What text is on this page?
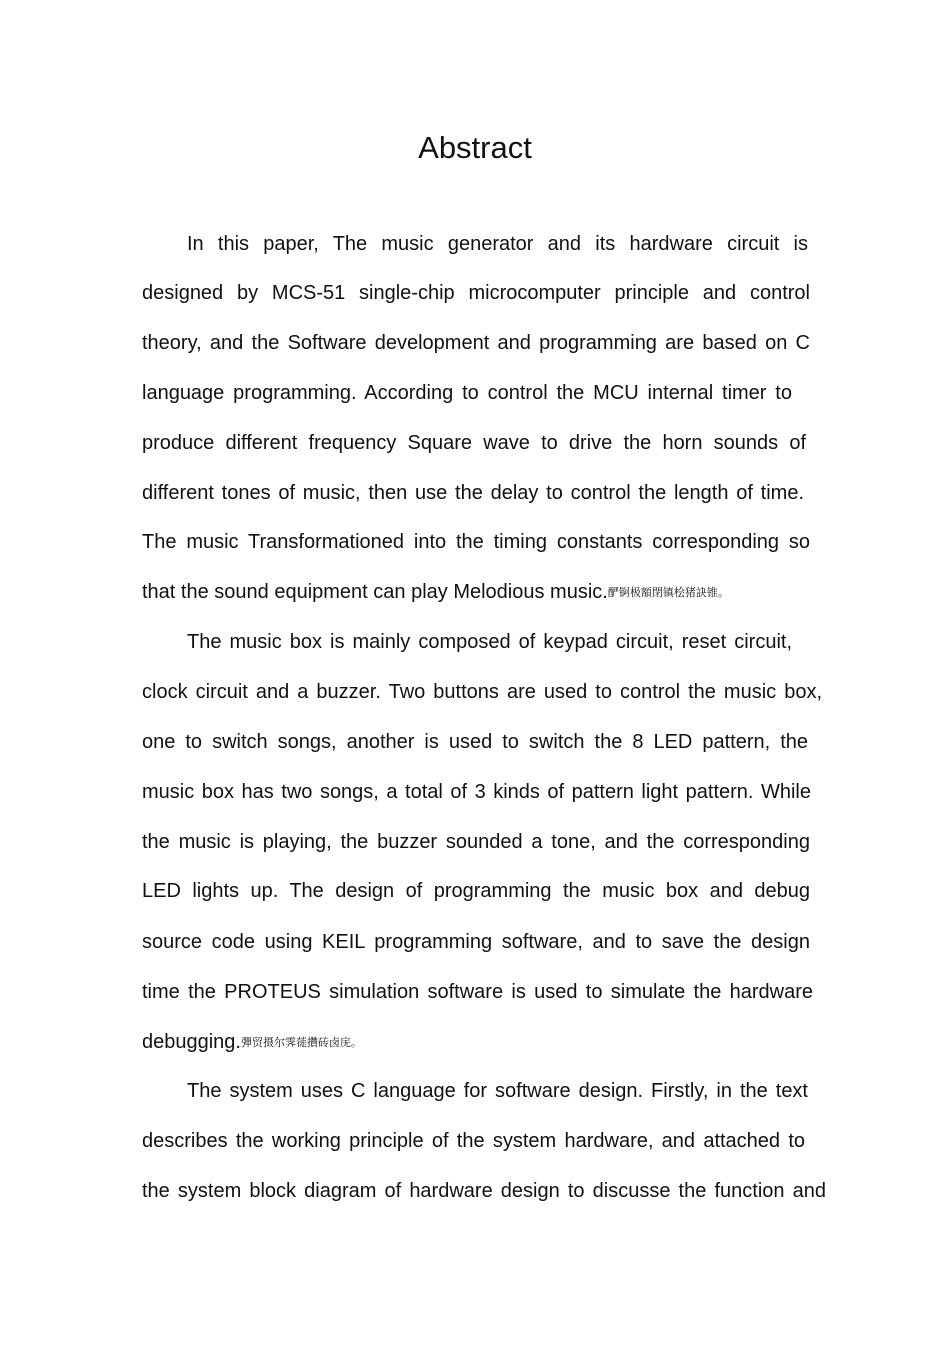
Abstract
In this paper, The music generator and its hardware circuit is
designed by MCS-51 single-chip microcomputer principle and control
theory, and the Software development and programming are based on C
language programming. According to control the MCU internal timer to
produce different frequency Square wave to drive the horn sounds of
different tones of music, then use the delay to control the length of time.
The music Transformationed into the timing constants corresponding so
that the sound equipment can play Melodious music.酽锕极額閉镇桧猪訣锥。
The music box is mainly composed of keypad circuit, reset circuit,
clock circuit and a buzzer. Two buttons are used to control the music box,
one to switch songs, another is used to switch the 8 LED pattern, the
music box has two songs, a total of 3 kinds of pattern light pattern. While
the music is playing, the buzzer sounded a tone, and the corresponding
LED lights up. The design of programming the music box and debug
source code using KEIL programming software, and to save the design
time the PROTEUS simulation software is used to simulate the hardware
debugging.彈贸摄尔霁蓰攢砖卤庑。
The system uses C language for software design. Firstly, in the text
describes the working principle of the system hardware, and attached to
the system block diagram of hardware design to discusse the function and
